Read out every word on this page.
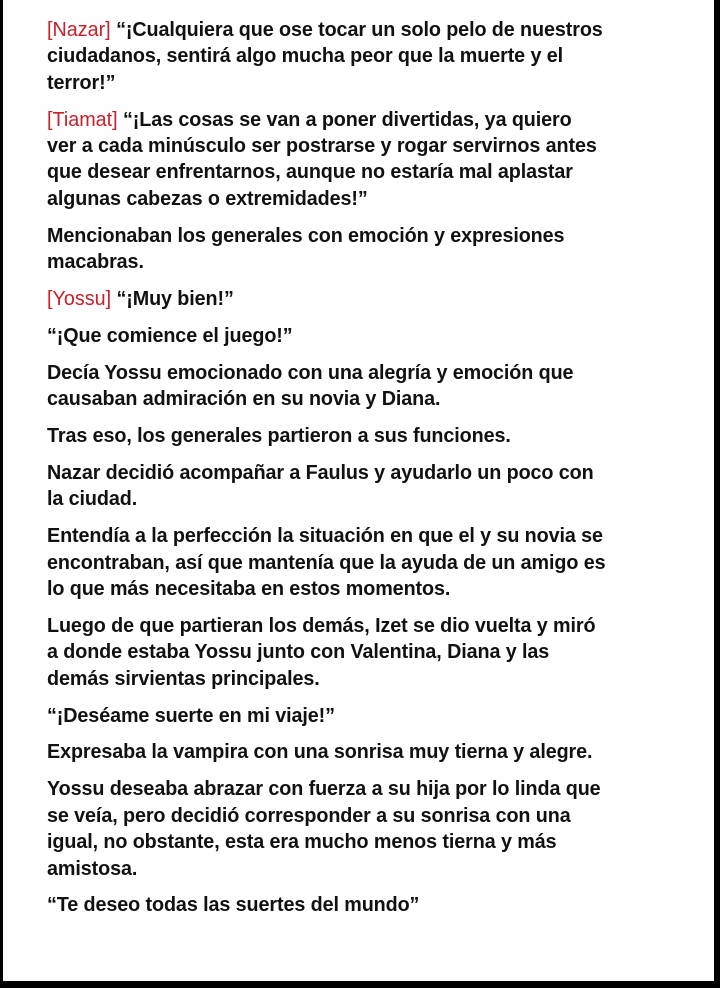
[Nazar] “¡Cualquiera que ose tocar un solo pelo de nuestros
ciudadanos, sentirá algo mucha peor que la muerte y el
terror!”

[Tiamat] “¡Las cosas se van a poner divertidas, ya quiero
ver a cada minúsculo ser postrarse y rogar servirnos antes
que desear enfrentarnos, aunque no estaría mal aplastar
algunas cabezas o extremidades!”

Mencionaban los generales con emoción y expresiones
macabras.

[Yossu] “¡Muy bien!”

“¡Que comience el juego!”

Decía Yossu emocionado con una alegría y emoción que
causaban admiración en su novia y Diana.

Tras eso, los generales partieron a sus funciones.

Nazar decidió acompañar a Faulus y ayudarlo un poco con
la ciudad.

Entendía a la perfección la situación en que el y su novia se
encontraban, así que mantenía que la ayuda de un amigo es
lo que más necesitaba en estos momentos.

Luego de que partieran los demás, Izet se dio vuelta y miró
a donde estaba Yossu junto con Valentina, Diana y las
demás sirvientas principales.

“¡Deséame suerte en mi viaje!”

Expresaba la vampira con una sonrisa muy tierna y alegre.

Yossu deseaba abrazar con fuerza a su hija por lo linda que
se veía, pero decidió corresponder a su sonrisa con una
igual, no obstante, esta era mucho menos tierna y más
amistosa.

“Te deseo todas las suertes del mundo”
